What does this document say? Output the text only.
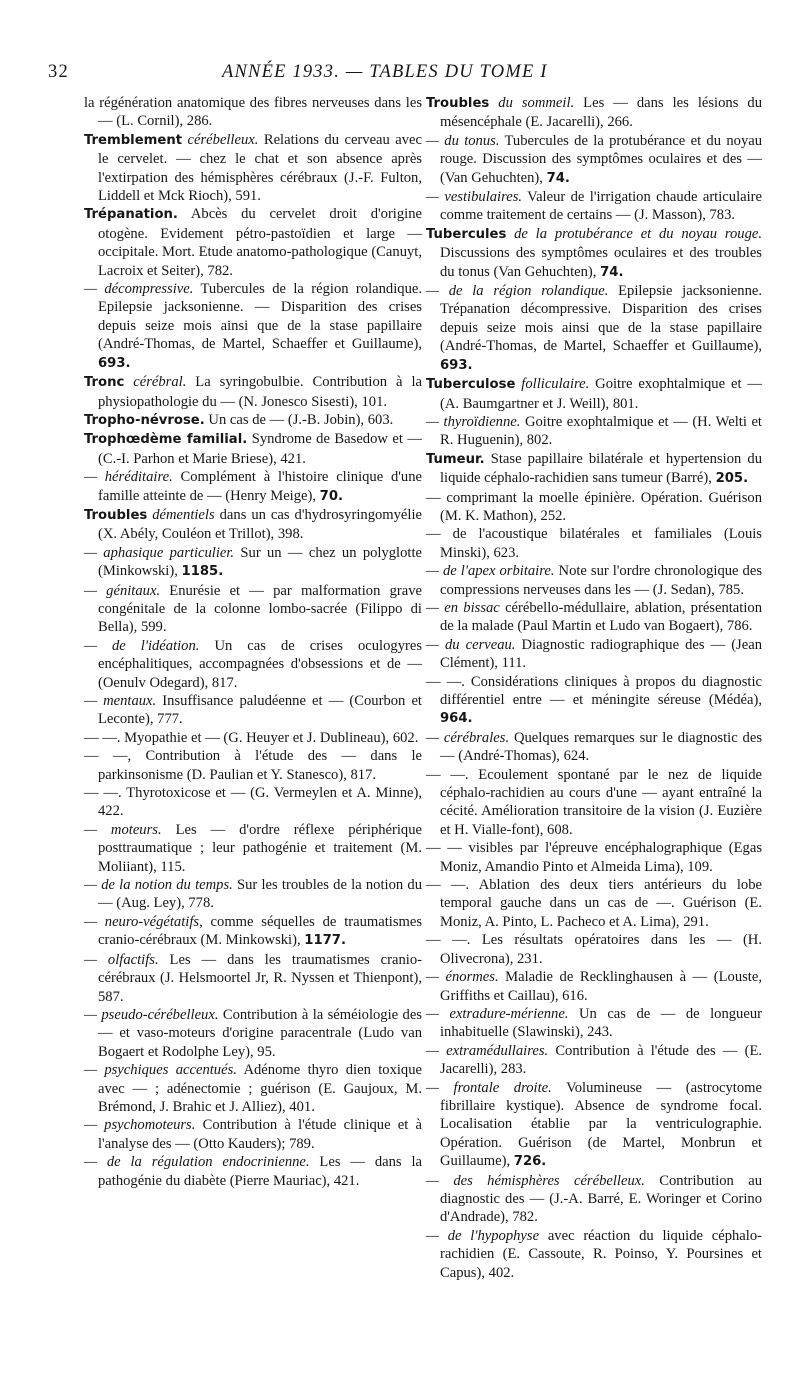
32	ANNÉE 1933. — TABLES DU TOME I

la régénération anatomique des fibres nerveuses dans les — (L. Cornil), 286.

Tremblement cérébelleux. Relations du cerveau avec le cervelet. — chez le chat et son absence après l'extirpation des hémisphères cérébraux (J.-F. Fulton, Liddell et Mck Rioch), 591.

Trépanation. Abcès du cervelet droit d'origine otogène. Evidement pétro-pastoïdien et large — occipitale. Mort. Etude anatomo-pathologique (Canuyt, Lacroix et Seiter), 782.

— décompressive. Tubercules de la région rolandique. Epilepsie jacksonienne. — Disparition des crises depuis seize mois ainsi que de la stase papillaire (André-Thomas, de Martel, Schaeffer et Guillaume), 693.

Tronc cérébral. La syringobulbie. Contribution à la physiopathologie du — (N. Jonesco Sisesti), 101.

Tropho-névrose. Un cas de — (J.-B. Jobin), 603.

Trophœdème familial. Syndrome de Basedow et — (C.-I. Parhon et Marie Briese), 421.

— héréditaire. Complément à l'histoire clinique d'une famille atteinte de — (Henry Meige), 70.

Troubles démentiels dans un cas d'hydrosyringomyélie (X. Abély, Couléon et Trillot), 398.

— aphasique particulier. Sur un — chez un polyglotte (Minkowski), 1185.

— génitaux. Enurésie et — par malformation grave congénitale de la colonne lombo-sacrée (Filippo di Bella), 599.

— de l'idéation. Un cas de crises oculogyres encéphalitiques, accompagnées d'obsessions et de — (Oenulv Odegard), 817.

— mentaux. Insuffisance paludéenne et — (Courbon et Leconte), 777.

— —. Myopathie et — (G. Heuyer et J. Dublineau), 602.

— —, Contribution à l'étude des — dans le parkinsonisme (D. Paulian et Y. Stanesco), 817.

— —. Thyrotoxicose et — (G. Vermeylen et A. Minne), 422.

— moteurs. Les — d'ordre réflexe périphérique posttraumatique ; leur pathogénie et traitement (M. Moliiant), 115.

— de la notion du temps. Sur les troubles de la notion du — (Aug. Ley), 778.

— neuro-végétatifs, comme séquelles de traumatismes cranio-cérébraux (M. Minkowski), 1177.

— olfactifs. Les — dans les traumatismes cranio-cérébraux (J. Helsmoortel Jr, R. Nyssen et Thienpont), 587.

— pseudo-cérébelleux. Contribution à la séméiologie des — et vaso-moteurs d'origine paracentrale (Ludo van Bogaert et Rodolphe Ley), 95.

— psychiques accentués. Adénome thyro dien toxique avec — ; adénectomie ; guérison (E. Gaujoux, M. Brémond, J. Brahic et J. Alliez), 401.

— psychomoteurs. Contribution à l'étude clinique et à l'analyse des — (Otto Kauders); 789.

— de la régulation endocrinienne. Les — dans la pathogénie du diabète (Pierre Mauriac), 421.

Troubles du sommeil. Les — dans les lésions du mésencéphale (E. Jacarelli), 266.

— du tonus. Tubercules de la protubérance et du noyau rouge. Discussion des symptômes oculaires et des — (Van Gehuchten), 74.

— vestibulaires. Valeur de l'irrigation chaude articulaire comme traitement de certains — (J. Masson), 783.

Tubercules de la protubérance et du noyau rouge. Discussions des symptômes oculaires et des troubles du tonus (Van Gehuchten), 74.

— de la région rolandique. Epilepsie jacksonienne. Trépanation décompressive. Disparition des crises depuis seize mois ainsi que de la stase papillaire (André-Thomas, de Martel, Schaeffer et Guillaume), 693.

Tuberculose folliculaire. Goitre exophtalmique et — (A. Baumgartner et J. Weill), 801.

— thyroïdienne. Goitre exophtalmique et — (H. Welti et R. Huguenin), 802.

Tumeur. Stase papillaire bilatérale et hypertension du liquide céphalo-rachidien sans tumeur (Barré), 205.

— comprimant la moelle épinière. Opération. Guérison (M. K. Mathon), 252.

— de l'acoustique bilatérales et familiales (Louis Minski), 623.

— de l'apex orbitaire. Note sur l'ordre chronologique des compressions nerveuses dans les — (J. Sedan), 785.

— en bissac cérébello-médullaire, ablation, présentation de la malade (Paul Martin et Ludo van Bogaert), 786.

— du cerveau. Diagnostic radiographique des — (Jean Clément), 111.

— —. Considérations cliniques à propos du diagnostic différentiel entre — et méningite séreuse (Médéa), 964.

— cérébrales. Quelques remarques sur le diagnostic des — (André-Thomas), 624.

— —. Ecoulement spontané par le nez de liquide céphalo-rachidien au cours d'une — ayant entraîné la cécité. Amélioration transitoire de la vision (J. Euzière et H. Vialle-font), 608.

— — visibles par l'épreuve encéphalographique (Egas Moniz, Amandio Pinto et Almeida Lima), 109.

— —. Ablation des deux tiers antérieurs du lobe temporal gauche dans un cas de —. Guérison (E. Moniz, A. Pinto, L. Pacheco et A. Lima), 291.

— —. Les résultats opératoires dans les — (H. Olivecrona), 231.

— énormes. Maladie de Recklinghausen à — (Louste, Griffiths et Caillau), 616.

— extradure-mérienne. Un cas de — de longueur inhabituelle (Slawinski), 243.

— extramédullaires. Contribution à l'étude des — (E. Jacarelli), 283.

— frontale droite. Volumineuse — (astrocytome fibrillaire kystique). Absence de syndrome focal. Localisation établie par la ventriculographie. Opération. Guérison (de Martel, Monbrun et Guillaume), 726.

— des hémisphères cérébelleux. Contribution au diagnostic des — (J.-A. Barré, E. Woringer et Corino d'Andrade), 782.

— de l'hypophyse avec réaction du liquide céphalo-rachidien (E. Cassoute, R. Poinso, Y. Poursines et Capus), 402.
